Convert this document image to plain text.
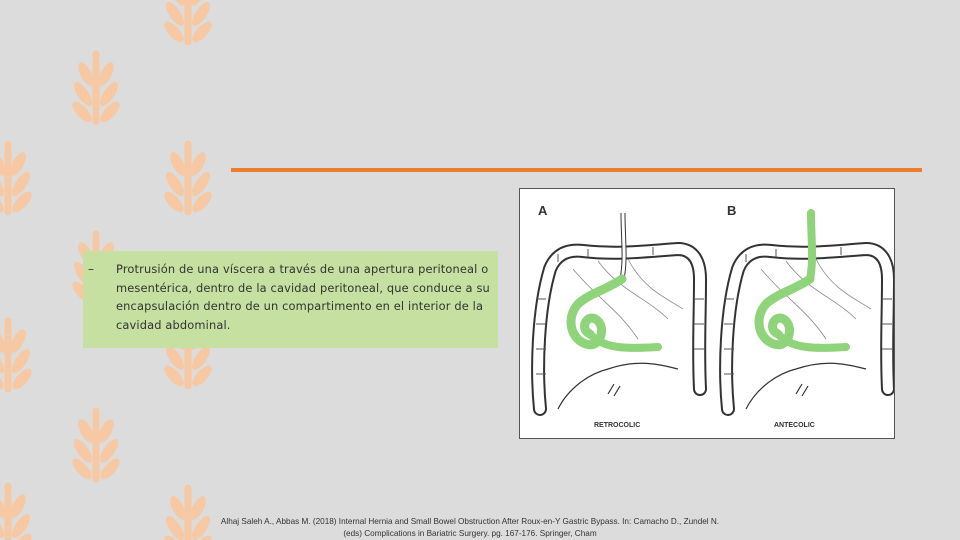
–	Protrusión de una víscera a través de una apertura peritoneal o mesentérica, dentro de la cavidad peritoneal, que conduce a su encapsulación dentro de un compartimento en el interior de la cavidad abdominal.
A	B
RETROCOLIC	ANTECOLIC
Alhaj Saleh A., Abbas M. (2018) Internal Hernia and Small Bowel Obstruction After Roux-en-Y Gastric Bypass. In: Camacho D., Zundel N.
(eds) Complications in Bariatric Surgery. pg. 167-176. Springer, Cham
